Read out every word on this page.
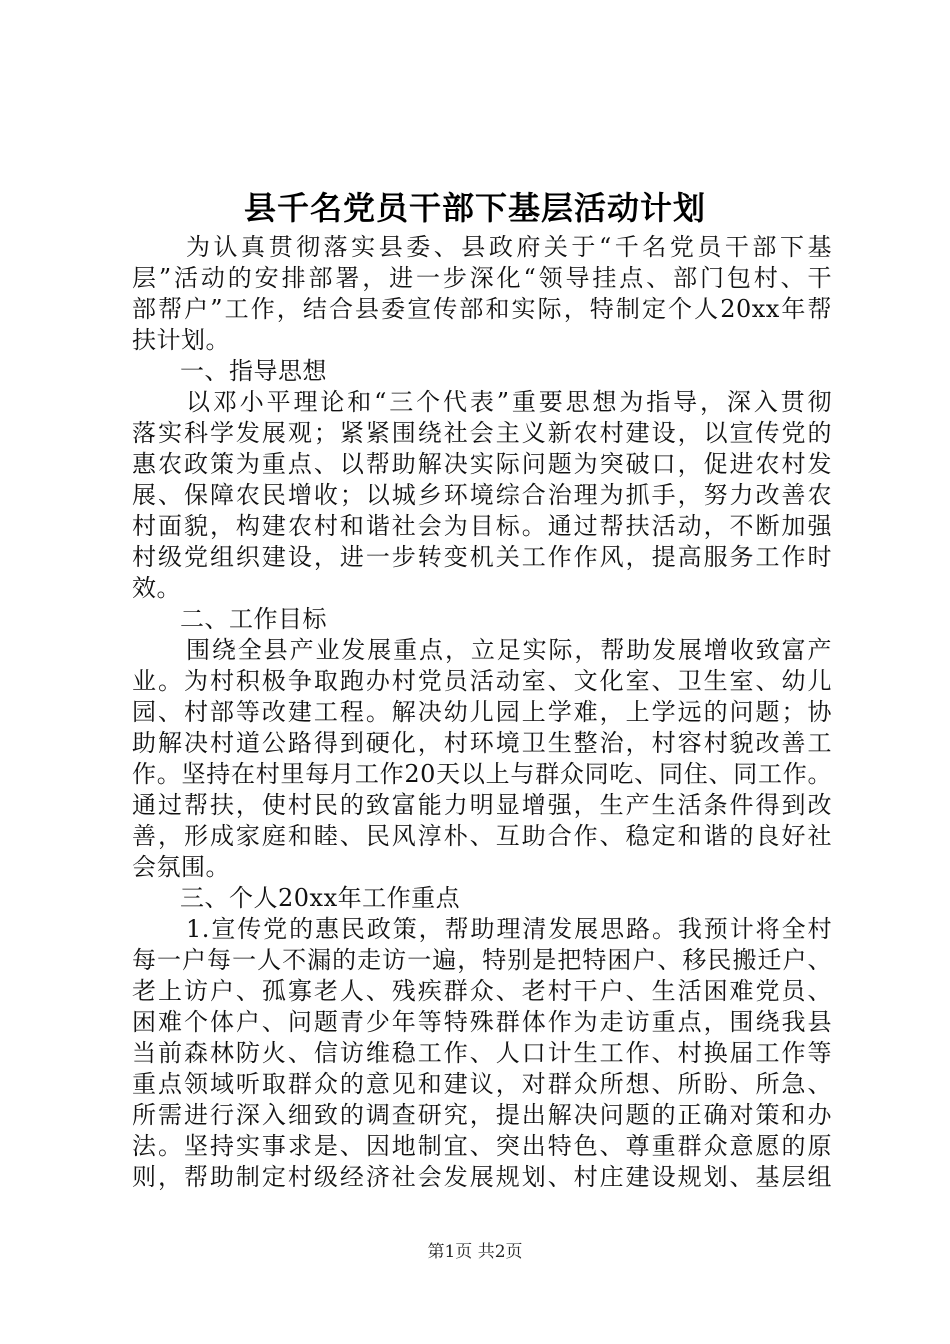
县千名党员干部下基层活动计划
为认真贯彻落实县委、县政府关于“千名党员干部下基
层”活动的安排部署，进一步深化“领导挂点、部门包村、干
部帮户”工作，结合县委宣传部和实际，特制定个人20xx年帮
扶计划。
一、指导思想
以邓小平理论和“三个代表”重要思想为指导，深入贯彻
落实科学发展观；紧紧围绕社会主义新农村建设，以宣传党的
惠农政策为重点、以帮助解决实际问题为突破口，促进农村发
展、保障农民增收；以城乡环境综合治理为抓手，努力改善农
村面貌，构建农村和谐社会为目标。通过帮扶活动，不断加强
村级党组织建设，进一步转变机关工作作风，提高服务工作时
效。
二、工作目标
围绕全县产业发展重点，立足实际，帮助发展增收致富产
业。为村积极争取跑办村党员活动室、文化室、卫生室、幼儿
园、村部等改建工程。解决幼儿园上学难，上学远的问题；协
助解决村道公路得到硬化，村环境卫生整治，村容村貌改善工
作。坚持在村里每月工作20天以上与群众同吃、同住、同工作。
通过帮扶，使村民的致富能力明显增强，生产生活条件得到改
善，形成家庭和睦、民风淳朴、互助合作、稳定和谐的良好社
会氛围。
三、个人20xx年工作重点
1.宣传党的惠民政策，帮助理清发展思路。我预计将全村
每一户每一人不漏的走访一遍，特别是把特困户、移民搬迁户、
老上访户、孤寡老人、残疾群众、老村干户、生活困难党员、
困难个体户、问题青少年等特殊群体作为走访重点，围绕我县
当前森林防火、信访维稳工作、人口计生工作、村换届工作等
重点领域听取群众的意见和建议，对群众所想、所盼、所急、
所需进行深入细致的调查研究，提出解决问题的正确对策和办
法。坚持实事求是、因地制宜、突出特色、尊重群众意愿的原
则，帮助制定村级经济社会发展规划、村庄建设规划、基层组
第1页 共2页
